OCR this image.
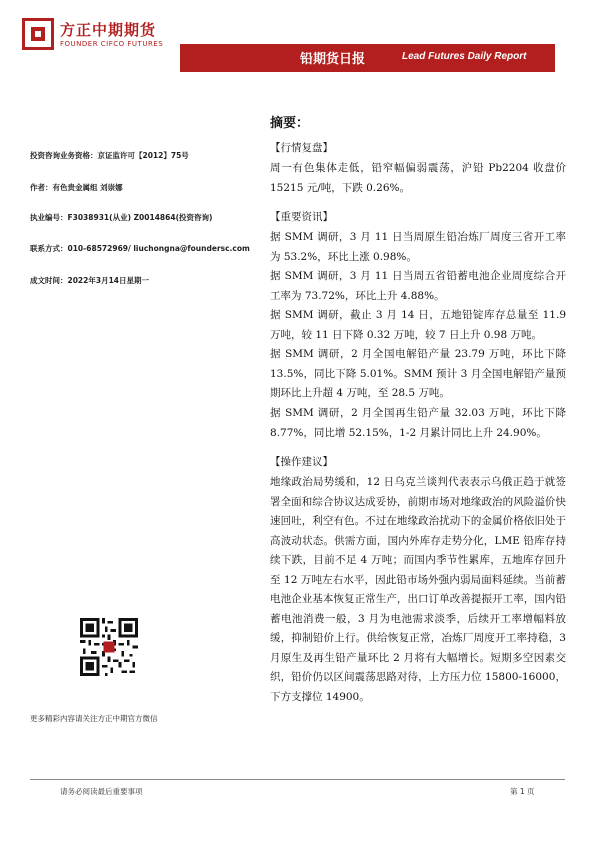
方正中期期货
FOUNDER CIFCO FUTURES
铅期货日报	Lead Futures Daily Report
投资咨询业务资格：京证监许可【2012】75号
作者：有色贵金属组 刘崇娜
执业编号：F3038931(从业) Z0014864(投资咨询)
联系方式：010-68572969/ liuchongna@foundersc.com
成文时间：2022年3月14日星期一
更多精彩内容请关注方正中期官方微信
摘要：
【行情复盘】
周一有色集体走低，铅窄幅偏弱震荡，沪铅 Pb2204 收盘价 15215 元/吨，下跌 0.26%。
【重要资讯】
据 SMM 调研，3 月 11 日当周原生铅冶炼厂周度三省开工率为 53.2%，环比上涨 0.98%。
据 SMM 调研，3 月 11 日当周五省铅蓄电池企业周度综合开工率为 73.72%，环比上升 4.88%。
据 SMM 调研，截止 3 月 14 日，五地铅锭库存总量至 11.9 万吨，较 11 日下降 0.32 万吨，较 7 日上升 0.98 万吨。
据 SMM 调研，2 月全国电解铅产量 23.79 万吨，环比下降 13.5%，同比下降 5.01%。SMM 预计 3 月全国电解铅产量预期环比上升超 4 万吨，至 28.5 万吨。
据 SMM 调研，2 月全国再生铅产量 32.03 万吨，环比下降 8.77%，同比增 52.15%，1-2 月累计同比上升 24.90%。
【操作建议】
地缘政治局势缓和，12 日乌克兰谈判代表表示乌俄正趋于就签署全面和综合协议达成妥协，前期市场对地缘政治的风险溢价快速回吐，利空有色。不过在地缘政治扰动下的金属价格依旧处于高波动状态。供需方面，国内外库存走势分化，LME 铅库存持续下跌，目前不足 4 万吨；而国内季节性累库，五地库存回升至 12 万吨左右水平，因此铅市场外强内弱局面料延续。当前蓄电池企业基本恢复正常生产，出口订单改善提振开工率，国内铅蓄电池消费一般，3 月为电池需求淡季，后续开工率增幅料放缓，抑制铅价上行。供给恢复正常，冶炼厂周度开工率持稳，3 月原生及再生铅产量环比 2 月将有大幅增长。短期多空因素交织，铅价仍以区间震荡思路对待，上方压力位 15800-16000，下方支撑位 14900。
请务必阅读最后重要事项	第 1 页
